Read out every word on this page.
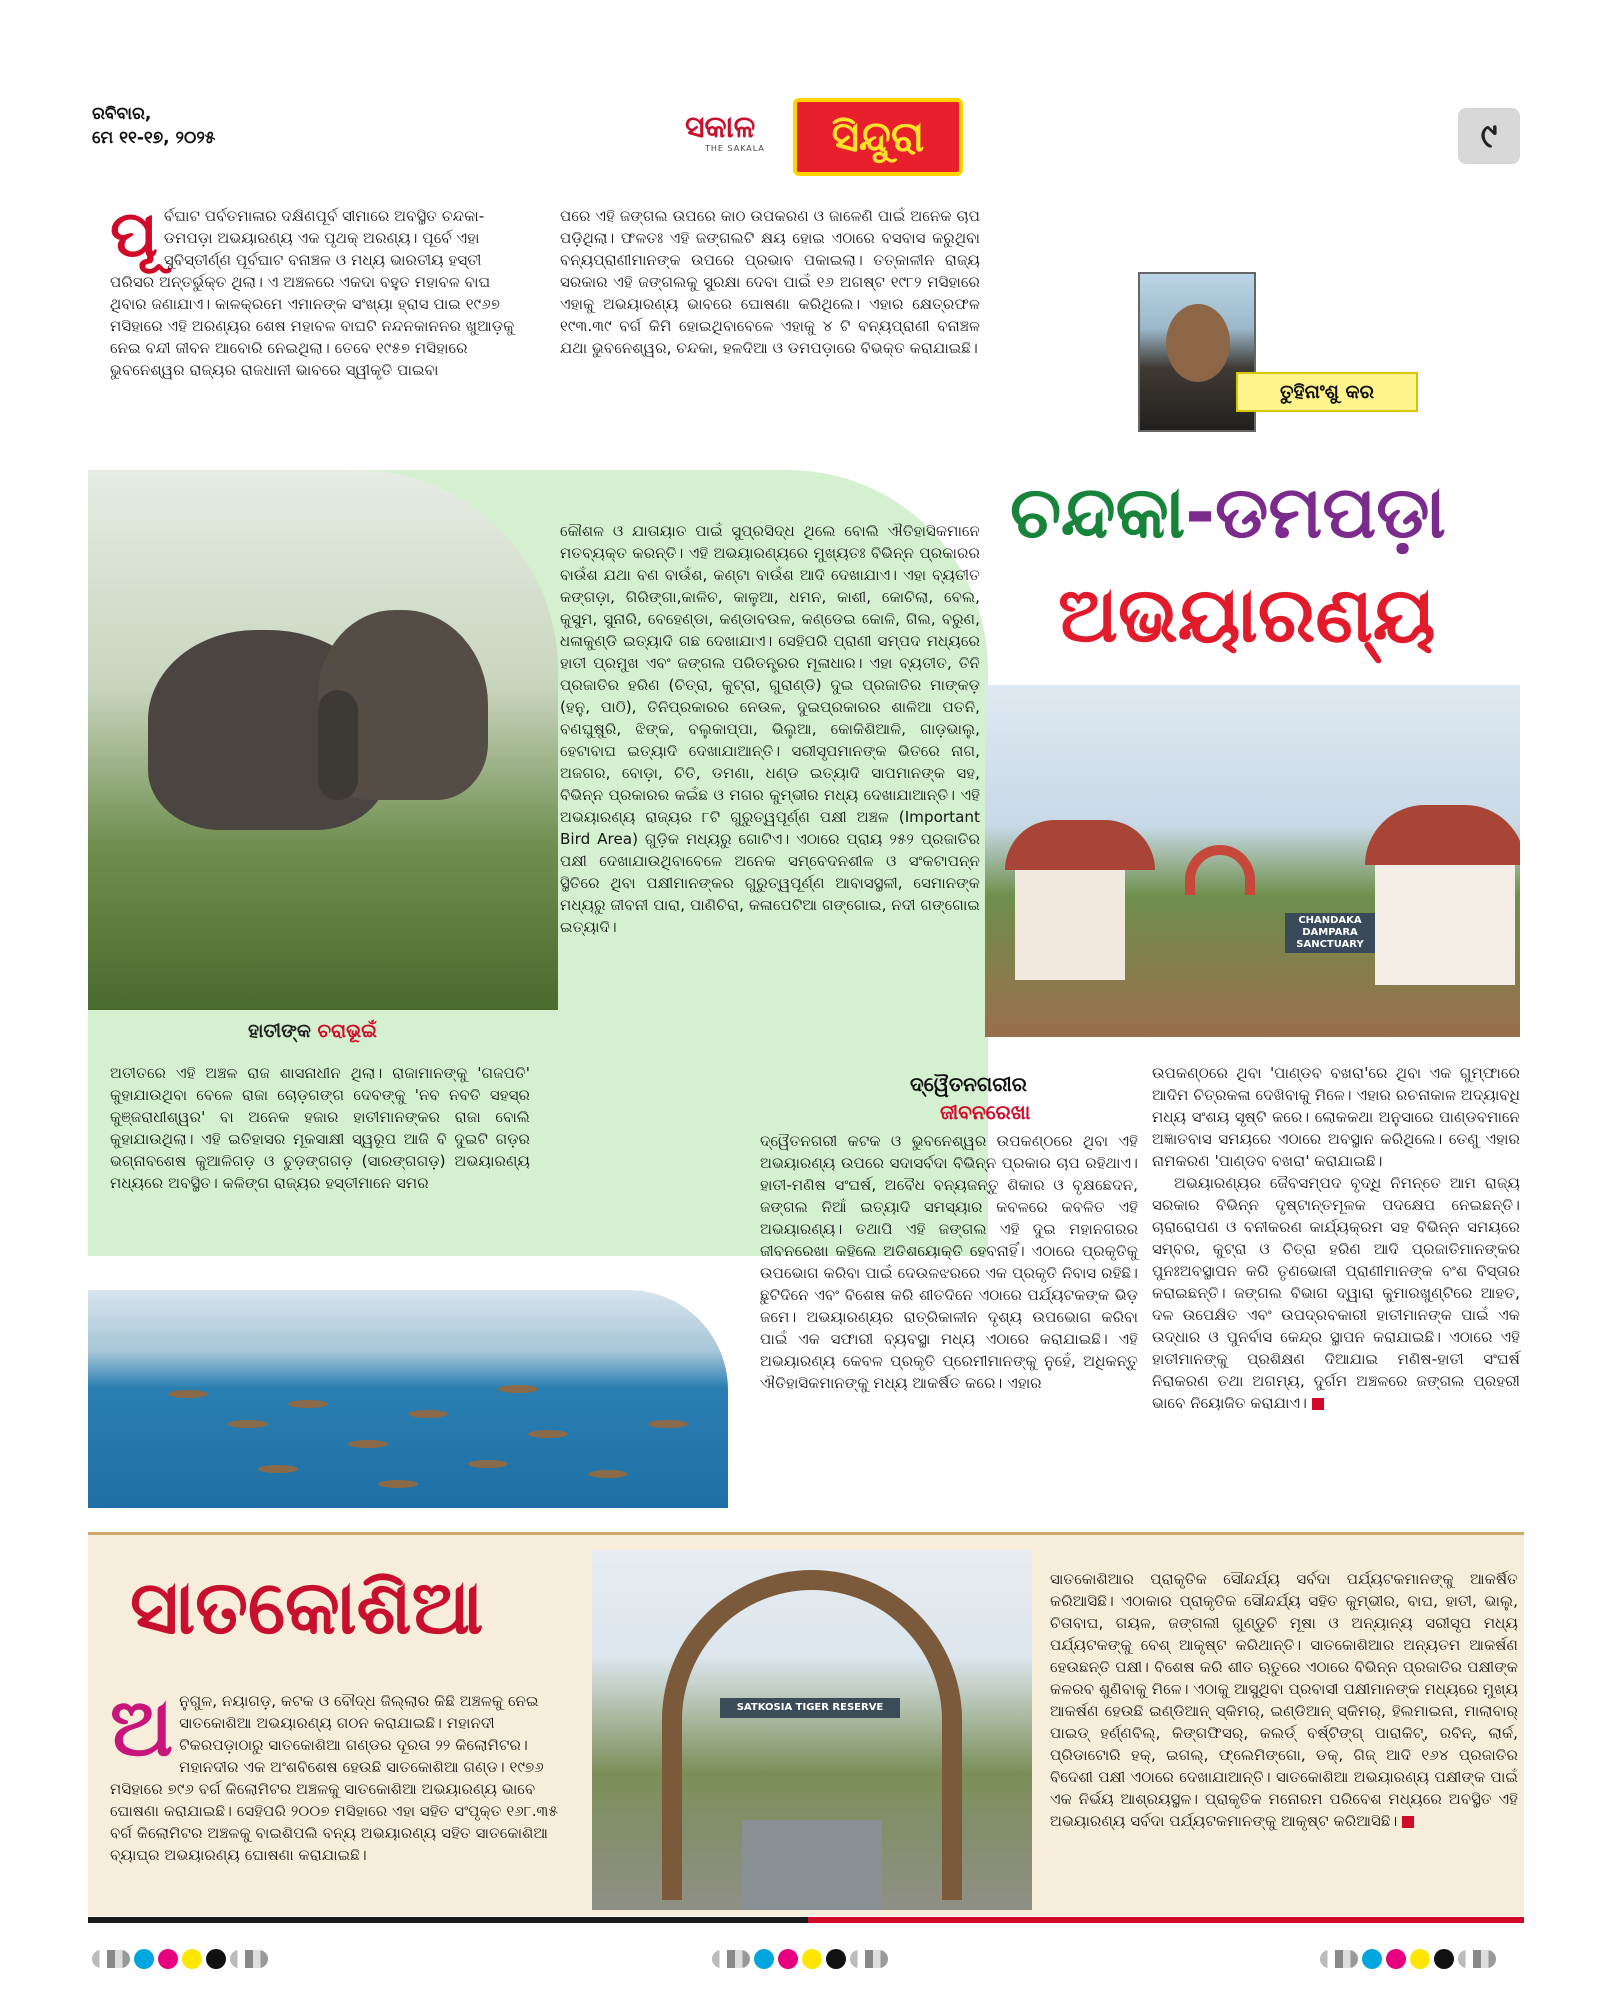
ରବିବାର,
ମେ ୧୧-୧୭, ୨୦୨୫	ସକାଳ
THE SAKALA	ସିନ୍ଦୁରା	୯
ପୂ ର୍ବଘାଟ ପର୍ବତମାଳାର ଦକ୍ଷିଣପୂର୍ବ ସୀମାରେ ଅବସ୍ଥିତ ଚନ୍ଦକା-ଡମପଡ଼ା ଅଭୟାରଣ୍ୟ ଏକ ପୃଥକ୍ ଅରଣ୍ୟ। ପୂର୍ବେ ଏହା ସୁବିସ୍ତୀର୍ଣ୍ଣ ପୂର୍ବଘାଟ ବନାଞ୍ଚଳ ଓ ମଧ୍ୟ ଭାରତୀୟ ହସ୍ତୀ ପରିସର ଅନ୍ତର୍ଭୁକ୍ତ ଥିଲା। ଏ ଅଞ୍ଚଳରେ ଏକଦା ବହୁତ ମହାବଳ ବାଘ ଥିବାର ଜଣାଯାଏ। କାଳକ୍ରମେ ଏମାନଙ୍କ ସଂଖ୍ୟା ହ୍ରାସ ପାଇ ୧୯୬୭ ମସିହାରେ ଏହି ଅରଣ୍ୟର ଶେଷ ମହାବଳ ବାଘଟି ନନ୍ଦନକାନନର ଖୁଆଡ଼କୁ ନେଇ ବନ୍ଦୀ ଜୀବନ ଆବୋରି ନେଇଥିଲା। ତେବେ ୧୯୫୭ ମସିହାରେ ଭୁବନେଶ୍ୱର ରାଜ୍ୟର ରାଜଧାନୀ ଭାବରେ ସ୍ୱୀକୃତି ପାଇବା
ପରେ ଏହି ଜଙ୍ଗଲ ଉପରେ କାଠ ଉପକରଣ ଓ ଜାଳେଣି ପାଇଁ ଅନେକ ଚାପ ପଡ଼ିଥିଲା। ଫଳତଃ ଏହି ଜଙ୍ଗଲଟି କ୍ଷୟ ହୋଇ ଏଠାରେ ବସବାସ କରୁଥିବା ବନ୍ୟପ୍ରାଣୀମାନଙ୍କ ଉପରେ ପ୍ରଭାବ ପକାଇଲା। ତତ୍କାଳୀନ ରାଜ୍ୟ ସରକାର ଏହି ଜଙ୍ଗଲକୁ ସୁରକ୍ଷା ଦେବା ପାଇଁ ୧୬ ଅଗଷ୍ଟ ୧୯୮୨ ମସିହାରେ ଏହାକୁ ଅଭୟାରଣ୍ୟ ଭାବରେ ଘୋଷଣା କରିଥିଲେ। ଏହାର କ୍ଷେତ୍ରଫଳ ୧୯୩.୩୯ ବର୍ଗ କିମି ହୋଇଥିବାବେଳେ ଏହାକୁ ୪ ଟି ବନ୍ୟପ୍ରାଣୀ ବନାଞ୍ଚଳ ଯଥା ଭୁବନେଶ୍ୱର, ଚନ୍ଦକା, ହଳଦିଆ ଓ ଡମପଡ଼ାରେ ବିଭକ୍ତ କରାଯାଇଛି।
ତୁହିନାଂଶୁ କର
ଚନ୍ଦକା-ଡମପଡ଼ା
ଅଭୟାରଣ୍ୟ
କୌଶଳ ଓ ଯାତାୟାତ ପାଇଁ ସୁପ୍ରସିଦ୍ଧ ଥିଲେ ବୋଲି ଐତିହାସିକମାନେ ମତବ୍ୟକ୍ତ କରନ୍ତି। ଏହି ଅଭୟାରଣ୍ୟରେ ମୁଖ୍ୟତଃ ବିଭିନ୍ନ ପ୍ରକାରର ବାଉଁଶ ଯଥା ବଣ ବାଉଁଶ, କଣ୍ଟା ବାଉଁଶ ଆଦି ଦେଖାଯାଏ। ଏହା ବ୍ୟତୀତ କଙ୍ଗଡ଼ା, ଗିରିଙ୍ଗା,କାଳିଚ, କାଳୁଆ, ଧମନ, କାଶୀ, କୋଚିଲା, ବେଲ, କୁସୁମ, ସୁନାରି, ବେହେଣ୍ଡା, କଣ୍ଡାବଉଳ, କଣ୍ଡେଇ କୋଳି, ଗିଲ, ବରୁଣ, ଧଳାକୁଣ୍ଡି ଇତ୍ୟାଦି ଗଛ ଦେଖାଯାଏ। ସେହିପରି ପ୍ରାଣୀ ସମ୍ପଦ ମଧ୍ୟରେ ହାତୀ ପ୍ରମୁଖ ଏବଂ ଜଙ୍ଗଲ ପରିତନ୍ତ୍ରର ମୂଳାଧାର। ଏହା ବ୍ୟତୀତ, ତିନି ପ୍ରଜାତିର ହରିଣ (ଚିତ୍ରା, କୁଟ୍ରା, ଗୁରାଣ୍ଡି) ଦୁଇ ପ୍ରଜାତିର ମାଙ୍କଡ଼ (ହନୁ, ପାଠି), ତିନିପ୍ରକାରର ନେଉଳ, ଦୁଇପ୍ରକାରର ଶାଳିଆ ପତନି, ବଣଘୁଷୁରି, ଝିଙ୍କ, ବଲୁକାପ୍ପା, ଭିଲୁଆ, କୋକିଶିଆଳି, ଗାଡ଼ଭାଲୁ, ହେଟାବାଘ ଇତ୍ୟାଦି ଦେଖାଯାଆନ୍ତି। ସରୀସୃପମାନଙ୍କ ଭିତରେ ନାଗ, ଅଜଗର, ବୋଡ଼ା, ଚିତି, ଡମଣା, ଧଣ୍ଡ ଇତ୍ୟାଦି ସାପମାନଙ୍କ ସହ, ବିଭିନ୍ନ ପ୍ରକାରର କଇଁଛ ଓ ମଗର କୁମ୍ଭୀର ମଧ୍ୟ ଦେଖାଯାଆନ୍ତି। ଏହି ଅଭୟାରଣ୍ୟ ରାଜ୍ୟର ୮ଟି ଗୁରୁତ୍ୱପୂର୍ଣ୍ଣ ପକ୍ଷୀ ଅଞ୍ଚଳ (Important Bird Area) ଗୁଡ଼ିକ ମଧ୍ୟରୁ ଗୋଟିଏ। ଏଠାରେ ପ୍ରାୟ ୨୫୨ ପ୍ରଜାତିର ପକ୍ଷୀ ଦେଖାଯାଉଥିବାବେଳେ ଅନେକ ସମ୍ବେଦନଶୀଳ ଓ ସଂକଟାପନ୍ନ ସ୍ଥିତିରେ ଥିବା ପକ୍ଷୀମାନଙ୍କର ଗୁରୁତ୍ୱପୂର୍ଣ୍ଣ ଆବାସସ୍ଥଳୀ, ସେମାନଙ୍କ ମଧ୍ୟରୁ ଜୀବନୀ ପାରା, ପାଣିଚିରା, କଳାପେଟିଆ ଗଙ୍ଗୋଇ, ନଦୀ ଗଙ୍ଗୋଇ ଇତ୍ୟାଦି।
ହାତୀଙ୍କ ଚରାଭୂଇଁ
ଅତୀତରେ ଏହି ଅଞ୍ଚଳ ରାଜ ଶାସନାଧୀନ ଥିଲା। ରାଜାମାନଙ୍କୁ 'ଗଜପତି' କୁହାଯାଉଥିବା ବେଳେ ରାଜା ଚୋଡ଼ଗଙ୍ଗ ଦେବଙ୍କୁ 'ନବ ନବତି ସହସ୍ର କୁଞ୍ଜରାଧୀଶ୍ୱର' ବା ଅନେକ ହଜାର ହାତୀମାନଙ୍କର ରାଜା ବୋଲି କୁହାଯାଉଥିଲା। ଏହି ଇତିହାସର ମୂକସାକ୍ଷୀ ସ୍ୱରୂପ ଆଜି ବି ଦୁଇଟି ଗଡ଼ର ଭଗ୍ନାବଶେଷ କୁଆଳିଗଡ଼ ଓ ଚୁଡ଼ଙ୍ଗଗଡ଼ (ସାରଙ୍ଗଗଡ଼) ଅଭୟାରଣ୍ୟ ମଧ୍ୟରେ ଅବସ୍ଥିତ। କଳିଙ୍ଗ ରାଜ୍ୟର ହସ୍ତୀମାନେ ସମର
CHANDAKA DAMPARA SANCTUARY
ଦ୍ୱୈତନଗରୀର
ଜୀବନରେଖା
ଦ୍ୱୈତନଗରୀ କଟକ ଓ ଭୁବନେଶ୍ୱର ଉପକଣ୍ଠରେ ଥିବା ଏହି ଅଭୟାରଣ୍ୟ ଉପରେ ସଦାସର୍ବଦା ବିଭିନ୍ନ ପ୍ରକାର ଚାପ ରହିଥାଏ। ହାତୀ-ମଣିଷ ସଂଘର୍ଷ, ଅବୈଧ ବନ୍ୟଜନ୍ତୁ ଶିକାର ଓ ବୃକ୍ଷଛେଦନ, ଜଙ୍ଗଲ ନିଆଁ ଇତ୍ୟାଦି ସମସ୍ୟାର କବଳରେ କବଳିତ ଏହି ଅଭୟାରଣ୍ୟ। ତଥାପି ଏହି ଜଙ୍ଗଲ ଏହି ଦୁଇ ମହାନଗରର ଜୀବନରେଖା କହିଲେ ଅତିଶୟୋକ୍ତି ହେବନାହିଁ। ଏଠାରେ ପ୍ରକୃତିକୁ ଉପଭୋଗ କରିବା ପାଇଁ ଦେଉଳଝରରେ ଏକ ପ୍ରକୃତି ନିବାସ ରହିଛି। ଛୁଟିଦିନେ ଏବଂ ବିଶେଷ କରି ଶୀତଦିନେ ଏଠାରେ ପର୍ଯ୍ୟଟକଙ୍କ ଭିଡ଼ ଜମେ। ଅଭୟାରଣ୍ୟର ରାତ୍ରିକାଳୀନ ଦୃଶ୍ୟ ଉପଭୋଗ କରିବା ପାଇଁ ଏକ ସଫାରୀ ବ୍ୟବସ୍ଥା ମଧ୍ୟ ଏଠାରେ କରାଯାଇଛି। ଏହି ଅଭୟାରଣ୍ୟ କେବଳ ପ୍ରକୃତି ପ୍ରେମୀମାନଙ୍କୁ ନୁହେଁ, ଅଧିକନ୍ତୁ ଐତିହାସିକମାନଙ୍କୁ ମଧ୍ୟ ଆକର୍ଷିତ କରେ। ଏହାର
ଉପକଣ୍ଠରେ ଥିବା 'ପାଣ୍ଡବ ବଖରା'ରେ ଥିବା ଏକ ଗୁମ୍ଫାରେ ଆଦିମ ଚିତ୍ରକଳା ଦେଖିବାକୁ ମିଳେ। ଏହାର ରଚନାକାଳ ଅଦ୍ୟାବଧି ମଧ୍ୟ ସଂଶୟ ସୃଷ୍ଟି କରେ। ଲୋକକଥା ଅନୁସାରେ ପାଣ୍ଡବମାନେ ଅଜ୍ଞାତବାସ ସମୟରେ ଏଠାରେ ଅବସ୍ଥାନ କରିଥିଲେ। ତେଣୁ ଏହାର ନାମକରଣ 'ପାଣ୍ଡବ ବଖରା' କରାଯାଇଛି।
ଅଭୟାରଣ୍ୟର ଜୈବସମ୍ପଦ ବୃଦ୍ଧି ନିମନ୍ତେ ଆମ ରାଜ୍ୟ ସରକାର ବିଭିନ୍ନ ଦୃଷ୍ଟାନ୍ତମୂଳକ ପଦକ୍ଷେପ ନେଇଛନ୍ତି। ଚାରାରୋପଣ ଓ ବନୀକରଣ କାର୍ଯ୍ୟକ୍ରମ ସହ ବିଭିନ୍ନ ସମୟରେ ସମ୍ବର, କୁଟ୍ରା ଓ ଚିତ୍ରା ହରିଣ ଆଦି ପ୍ରଜାତିମାନଙ୍କର ପୁନଃଅବସ୍ଥାପନ କରି ତୃଣଭୋଜୀ ପ୍ରାଣୀମାନଙ୍କ ବଂଶ ବିସ୍ତାର କରାଇଛନ୍ତି। ଜଙ୍ଗଲ ବିଭାଗ ଦ୍ୱାରା କୁମାରଖୁଣ୍ଟିରେ ଆହତ, ଦଳ ଉପେକ୍ଷିତ ଏବଂ ଉପଦ୍ରବକାରୀ ହାତୀମାନଙ୍କ ପାଇଁ ଏକ ଉଦ୍ଧାର ଓ ପୁନର୍ବାସ କେନ୍ଦ୍ର ସ୍ଥାପନ କରାଯାଇଛି। ଏଠାରେ ଏହି ହାତୀମାନଙ୍କୁ ପ୍ରଶିକ୍ଷଣ ଦିଆଯାଇ ମଣିଷ-ହାତୀ ସଂଘର୍ଷ ନିରାକରଣ ତଥା ଅଗମ୍ୟ, ଦୁର୍ଗମ ଅଞ୍ଚଳରେ ଜଙ୍ଗଲ ପ୍ରହରୀ ଭାବେ ନିୟୋଜିତ କରାଯାଏ।
ସାତକୋଶିଆ
ଅ ନୁଗୁଳ, ନୟାଗଡ଼, କଟକ ଓ ବୌଦ୍ଧ ଜିଲ୍ଲାର କିଛି ଅଞ୍ଚଳକୁ ନେଇ ସାତକୋଶିଆ ଅଭୟାରଣ୍ୟ ଗଠନ କରାଯାଇଛି। ମହାନଦୀ ଟିକରପଡ଼ାଠାରୁ ସାତକୋଶିଆ ଗଣ୍ଡର ଦୂରତା ୨୨ କିଲୋମିଟର। ମହାନଦୀର ଏକ ଅଂଶବିଶେଷ ହେଉଛି ସାତକୋଶିଆ ଗଣ୍ଡ। ୧୯୭୬ ମସିହାରେ ୭୯୬ ବର୍ଗ କିଲୋମିଟର ଅଞ୍ଚଳକୁ ସାତକୋଶିଆ ଅଭୟାରଣ୍ୟ ଭାବେ ଘୋଷଣା କରାଯାଇଛି। ସେହିପରି ୨୦୦୭ ମସିହାରେ ଏହା ସହିତ ସଂପୃକ୍ତ ୧୬୮.୩୫ ବର୍ଗ କିଲୋମିଟର ଅଞ୍ଚଳକୁ ବାଇଶିପଲି ବନ୍ୟ ଅଭୟାରଣ୍ୟ ସହିତ ସାତକୋଶିଆ ବ୍ୟାଘ୍ର ଅଭୟାରଣ୍ୟ ଘୋଷଣା କରାଯାଇଛି।
SATKOSIA TIGER RESERVE
ସାତକୋଶିଆର ପ୍ରାକୃତିକ ସୌନ୍ଦର୍ଯ୍ୟ ସର୍ବଦା ପର୍ଯ୍ୟଟକମାନଙ୍କୁ ଆକର୍ଷିତ କରିଆସିଛି। ଏଠାକାର ପ୍ରାକୃତିକ ସୌନ୍ଦର୍ଯ୍ୟ ସହିତ କୁମ୍ଭୀର, ବାଘ, ହାତୀ, ଭାଲୁ, ଚିତାବାଘ, ଗୟଳ, ଜଙ୍ଗଲୀ ଗୁଣ୍ଡୁଚି ମୂଷା ଓ ଅନ୍ୟାନ୍ୟ ସରୀସୃପ ମଧ୍ୟ ପର୍ଯ୍ୟଟକଙ୍କୁ ବେଶ୍ ଆକୃଷ୍ଟ କରିଥାନ୍ତି। ସାତକୋଶିଆର ଅନ୍ୟତମ ଆକର୍ଷଣ ହେଉଛନ୍ତି ପକ୍ଷୀ। ବିଶେଷ କରି ଶୀତ ଋତୁରେ ଏଠାରେ ବିଭିନ୍ନ ପ୍ରଜାତିର ପକ୍ଷୀଙ୍କ କଳରବ ଶୁଣିବାକୁ ମିଳେ। ଏଠାକୁ ଆସୁଥିବା ପ୍ରବାସୀ ପକ୍ଷୀମାନଙ୍କ ମଧ୍ୟରେ ମୁଖ୍ୟ ଆକର୍ଷଣ ହେଉଛି ଇଣ୍ଡିଆନ୍ ସ୍କିମର୍, ଇଣ୍ଡିଆନ୍ ସ୍କିମର୍, ହିଲମାଇନା, ମାଲାବାର୍ ପାଇଡ୍ ହର୍ଣ୍ଣବିଲ୍, କିଙ୍ଗଫିସର୍, କଲର୍ଡ୍ ବର୍ଷ୍ଟିଙ୍ଗ୍ ପାରାକିଟ୍, ରବିନ୍, ଲାର୍କ, ପ୍ରିଡାଟୋରି ହକ୍, ଇଗଲ୍, ଫ୍ଲେମିଙ୍ଗୋ, ଡକ୍, ଗିଜ୍ ଆଦି ୧୬୪ ପ୍ରଜାତିର ବିଦେଶୀ ପକ୍ଷୀ ଏଠାରେ ଦେଖାଯାଆନ୍ତି। ସାତକୋଶିଆ ଅଭୟାରଣ୍ୟ ପକ୍ଷୀଙ୍କ ପାଇଁ ଏକ ନିର୍ଭୟ ଆଶ୍ରୟସ୍ଥଳ। ପ୍ରାକୃତିକ ମନୋରମ ପରିବେଶ ମଧ୍ୟରେ ଅବସ୍ଥିତ ଏହି ଅଭୟାରଣ୍ୟ ସର୍ବଦା ପର୍ଯ୍ୟଟକମାନଙ୍କୁ ଆକୃଷ୍ଟ କରିଆସିଛି।
